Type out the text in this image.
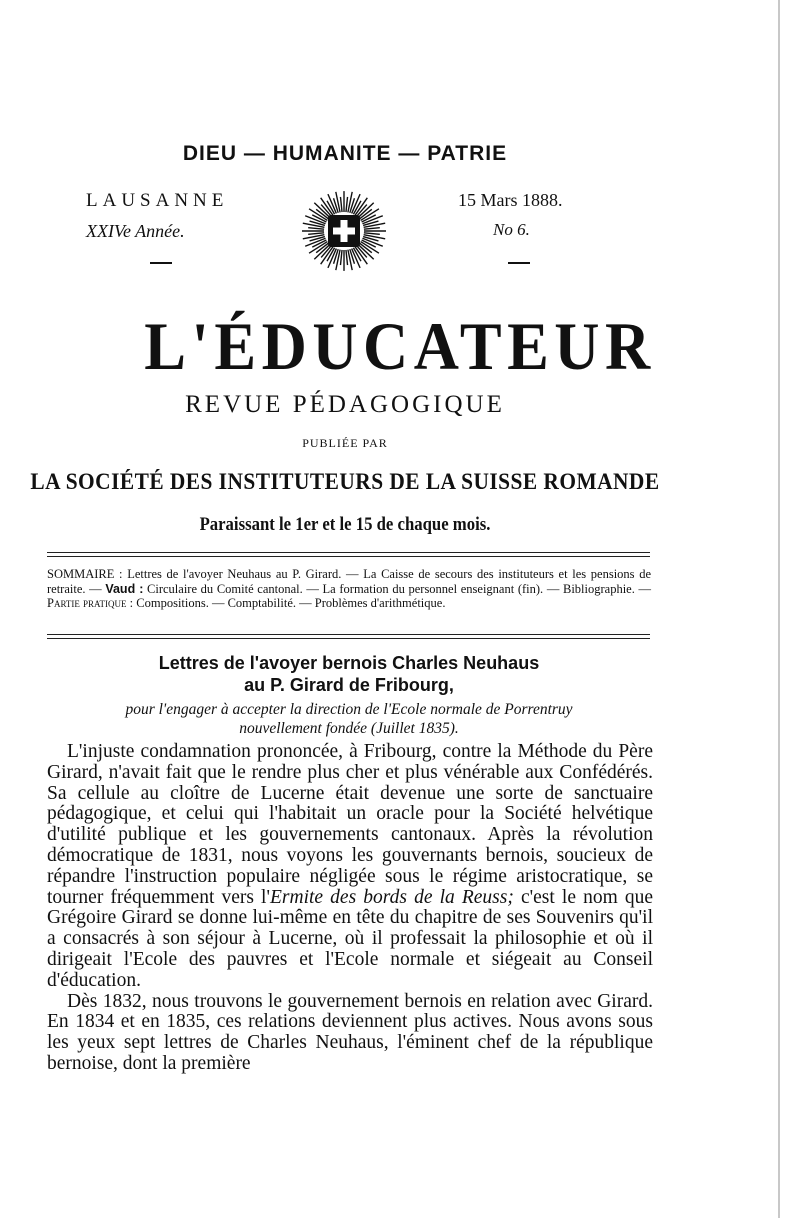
DIEU — HUMANITE — PATRIE
LAUSANNE
XXIVe Année.
15 Mars 1888.
No 6.
L'ÉDUCATEUR
REVUE PÉDAGOGIQUE
PUBLIÉE PAR
LA SOCIÉTÉ DES INSTITUTEURS DE LA SUISSE ROMANDE
Paraissant le 1er et le 15 de chaque mois.
SOMMAIRE : Lettres de l'avoyer Neuhaus au P. Girard. — La Caisse de secours des instituteurs et les pensions de retraite. — Vaud : Circulaire du Comité cantonal. — La formation du personnel enseignant (fin). — Bibliographie. — Partie pratique : Compositions. — Comptabilité. — Problèmes d'arithmétique.
Lettres de l'avoyer bernois Charles Neuhaus
au P. Girard de Fribourg,
pour l'engager à accepter la direction de l'Ecole normale de Porrentruy
nouvellement fondée (Juillet 1835).

L'injuste condamnation prononcée, à Fribourg, contre la Méthode du Père Girard, n'avait fait que le rendre plus cher et plus vénérable aux Confédérés. Sa cellule au cloître de Lucerne était devenue une sorte de sanctuaire pédagogique, et celui qui l'habitait un oracle pour la Société helvétique d'utilité publique et les gouvernements cantonaux. Après la révolution démocratique de 1831, nous voyons les gouvernants bernois, soucieux de répandre l'instruction populaire négligée sous le régime aristocratique, se tourner fréquemment vers l'Ermite des bords de la Reuss; c'est le nom que Grégoire Girard se donne lui-même en tête du chapitre de ses Souvenirs qu'il a consacrés à son séjour à Lucerne, où il professait la philosophie et où il dirigeait l'Ecole des pauvres et l'Ecole normale et siégeait au Conseil d'éducation.

Dès 1832, nous trouvons le gouvernement bernois en relation avec Girard. En 1834 et en 1835, ces relations deviennent plus actives. Nous avons sous les yeux sept lettres de Charles Neuhaus, l'éminent chef de la république bernoise, dont la première
